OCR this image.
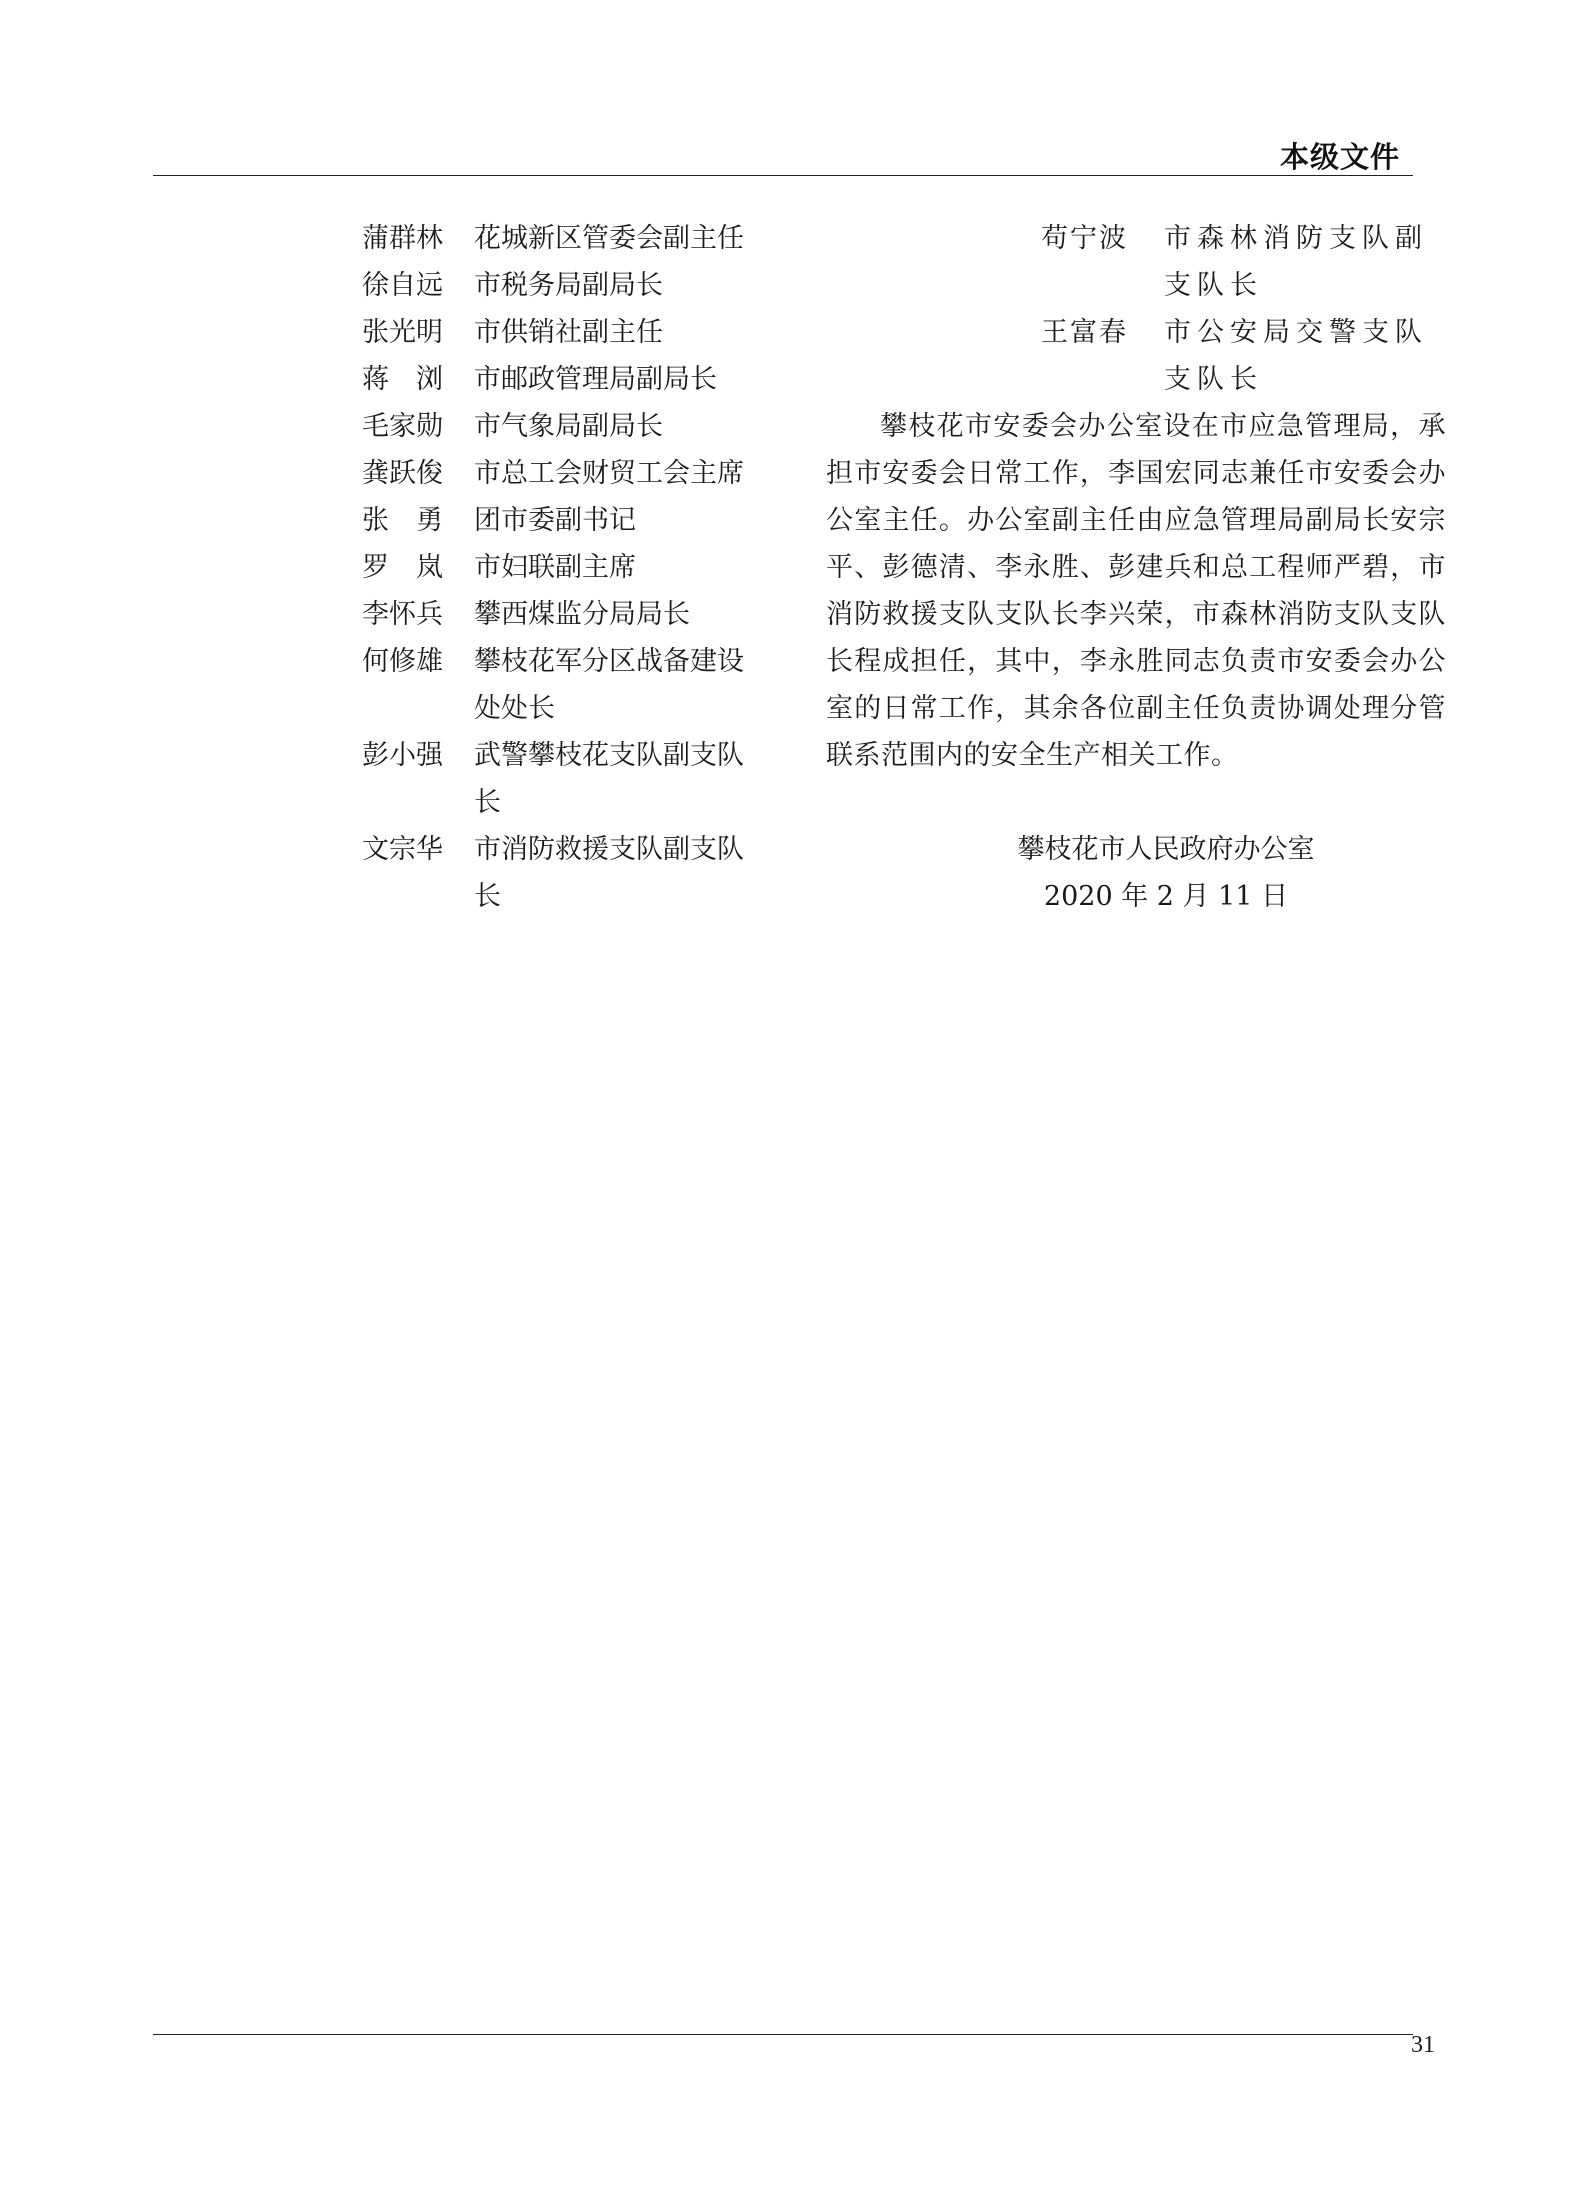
本级文件
蒲群林	花城新区管委会副主任
徐自远	市税务局副局长
张光明	市供销社副主任
蒋　浏	市邮政管理局副局长
毛家勋	市气象局副局长
龚跃俊	市总工会财贸工会主席
张　勇	团市委副书记
罗　岚	市妇联副主席
李怀兵	攀西煤监分局局长
何修雄	攀枝花军分区战备建设处处长
彭小强	武警攀枝花支队副支队长
文宗华	市消防救援支队副支队长
苟宁波	市森林消防支队副支队长
王富春	市公安局交警支队支队长

攀枝花市安委会办公室设在市应急管理局，承担市安委会日常工作，李国宏同志兼任市安委会办公室主任。办公室副主任由应急管理局副局长安宗平、彭德清、李永胜、彭建兵和总工程师严碧，市消防救援支队支队长李兴荣，市森林消防支队支队长程成担任，其中，李永胜同志负责市安委会办公室的日常工作，其余各位副主任负责协调处理分管联系范围内的安全生产相关工作。

攀枝花市人民政府办公室
2020 年 2 月 11 日
31
